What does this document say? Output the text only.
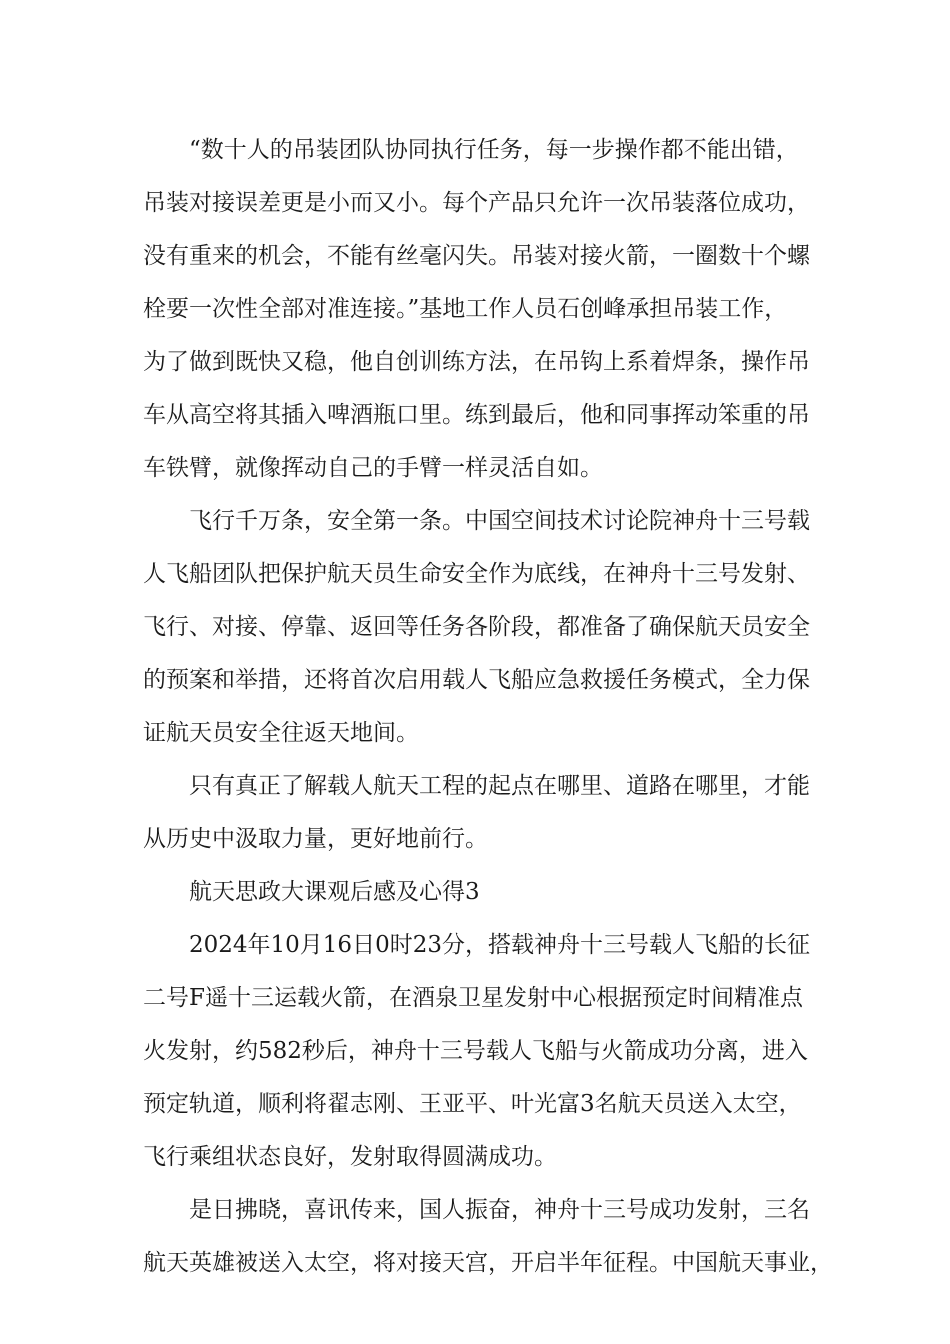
“数十人的吊装团队协同执行任务，每一步操作都不能出错，
吊装对接误差更是小而又小。每个产品只允许一次吊装落位成功，
没有重来的机会，不能有丝毫闪失。吊装对接火箭，一圈数十个螺
栓要一次性全部对准连接。”基地工作人员石创峰承担吊装工作，
为了做到既快又稳，他自创训练方法，在吊钩上系着焊条，操作吊
车从高空将其插入啤酒瓶口里。练到最后，他和同事挥动笨重的吊
车铁臂，就像挥动自己的手臂一样灵活自如。
飞行千万条，安全第一条。中国空间技术讨论院神舟十三号载
人飞船团队把保护航天员生命安全作为底线，在神舟十三号发射、
飞行、对接、停靠、返回等任务各阶段，都准备了确保航天员安全
的预案和举措，还将首次启用载人飞船应急救援任务模式，全力保
证航天员安全往返天地间。
只有真正了解载人航天工程的起点在哪里、道路在哪里，才能
从历史中汲取力量，更好地前行。
航天思政大课观后感及心得3
2024年10月16日0时23分，搭载神舟十三号载人飞船的长征
二号F遥十三运载火箭，在酒泉卫星发射中心根据预定时间精准点
火发射，约582秒后，神舟十三号载人飞船与火箭成功分离，进入
预定轨道，顺利将翟志刚、王亚平、叶光富3名航天员送入太空，
飞行乘组状态良好，发射取得圆满成功。
是日拂晓，喜讯传来，国人振奋，神舟十三号成功发射，三名
航天英雄被送入太空，将对接天宫，开启半年征程。中国航天事业，
